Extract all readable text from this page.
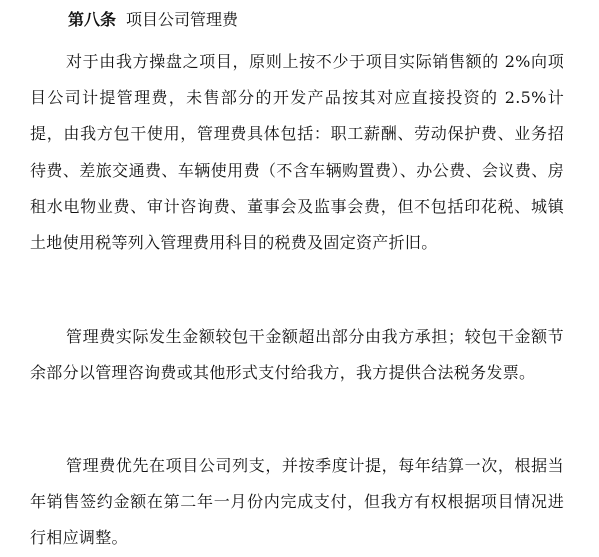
第八条 项目公司管理费

对于由我方操盘之项目，原则上按不少于项目实际销售额的 2%向项目公司计提管理费，未售部分的开发产品按其对应直接投资的 2.5%计提，由我方包干使用，管理费具体包括：职工薪酬、劳动保护费、业务招待费、差旅交通费、车辆使用费（不含车辆购置费）、办公费、会议费、房租水电物业费、审计咨询费、董事会及监事会费，但不包括印花税、城镇土地使用税等列入管理费用科目的税费及固定资产折旧。

管理费实际发生金额较包干金额超出部分由我方承担；较包干金额节余部分以管理咨询费或其他形式支付给我方，我方提供合法税务发票。

管理费优先在项目公司列支，并按季度计提，每年结算一次，根据当年销售签约金额在第二年一月份内完成支付，但我方有权根据项目情况进行相应调整。
